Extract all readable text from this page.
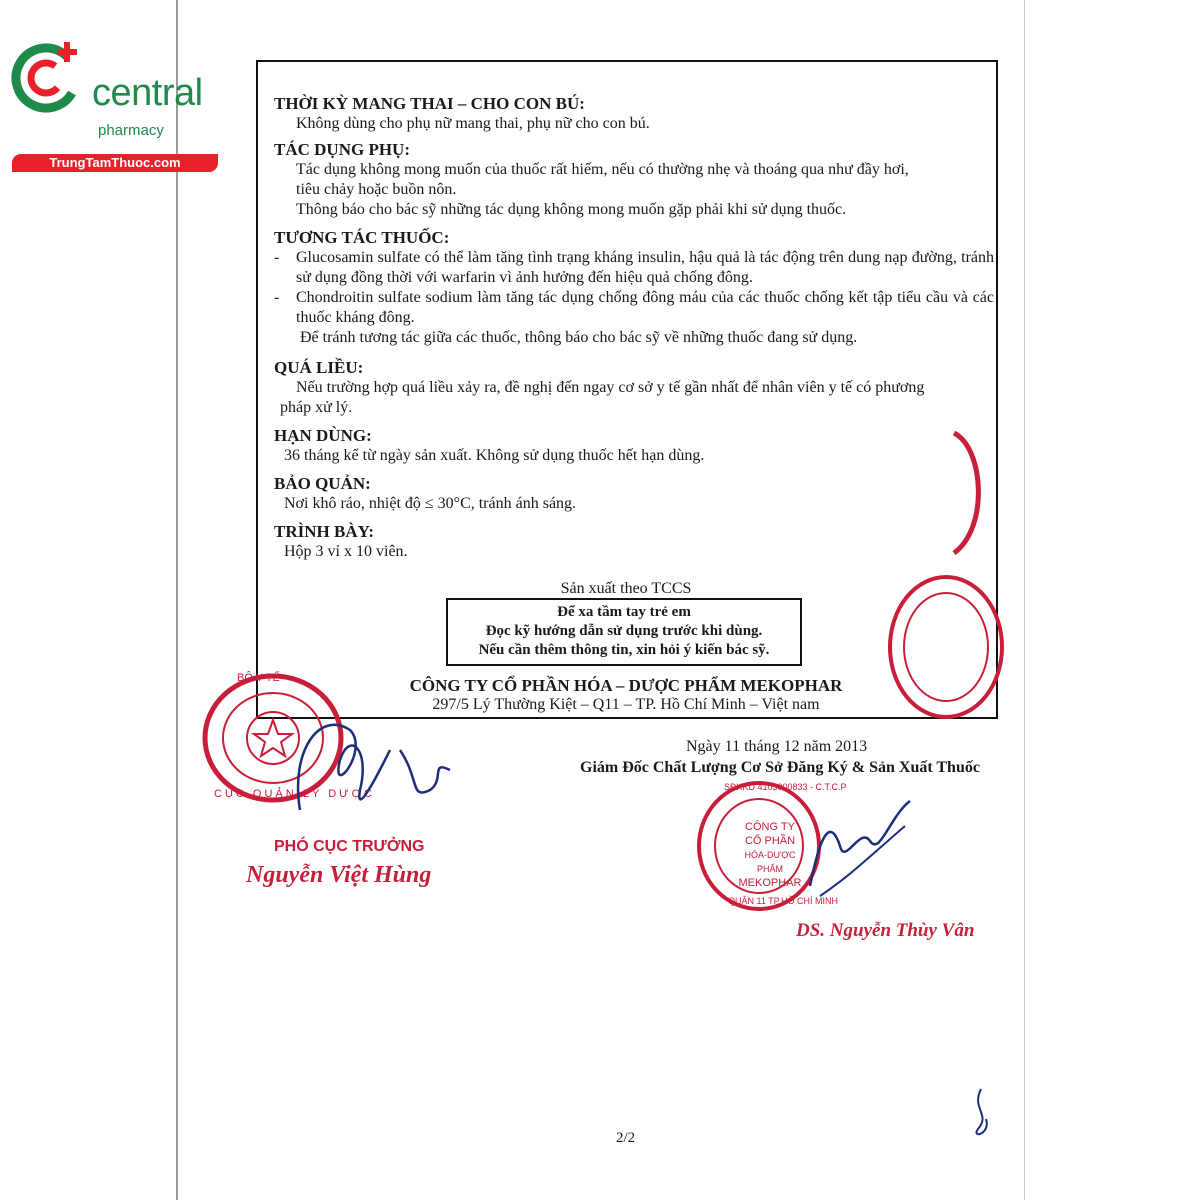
central
pharmacy
TrungTamThuoc.com
THỜI KỲ MANG THAI – CHO CON BÚ:
Không dùng cho phụ nữ mang thai, phụ nữ cho con bú.
TÁC DỤNG PHỤ:
Tác dụng không mong muốn của thuốc rất hiếm, nếu có thường nhẹ và thoáng qua như đầy hơi,
tiêu chảy hoặc buồn nôn.
Thông báo cho bác sỹ những tác dụng không mong muốn gặp phải khi sử dụng thuốc.
TƯƠNG TÁC THUỐC:
- Glucosamin sulfate có thể làm tăng tình trạng kháng insulin, hậu quả là tác động trên dung nạp đường, tránh sử dụng đồng thời với warfarin vì ảnh hưởng đến hiệu quả chống đông.
- Chondroitin sulfate sodium làm tăng tác dụng chống đông máu của các thuốc chống kết tập tiểu cầu và các thuốc kháng đông.
Để tránh tương tác giữa các thuốc, thông báo cho bác sỹ về những thuốc đang sử dụng.
QUÁ LIỀU:
Nếu trường hợp quá liều xảy ra, đề nghị đến ngay cơ sở y tế gần nhất để nhân viên y tế có phương
pháp xử lý.
HẠN DÙNG:
36 tháng kể từ ngày sản xuất. Không sử dụng thuốc hết hạn dùng.
BẢO QUẢN:
Nơi khô ráo, nhiệt độ ≤ 30°C, tránh ánh sáng.
TRÌNH BÀY:
Hộp 3 vỉ x 10 viên.
Sản xuất theo TCCS
Để xa tầm tay trẻ em
Đọc kỹ hướng dẫn sử dụng trước khi dùng.
Nếu cần thêm thông tin, xin hỏi ý kiến bác sỹ.
CÔNG TY CỔ PHẦN HÓA – DƯỢC PHẨM MEKOPHAR
297/5 Lý Thường Kiệt – Q11 – TP. Hồ Chí Minh – Việt nam
Ngày 11 tháng 12 năm 2013
Giám Đốc Chất Lượng Cơ Sở Đăng Ký & Sản Xuất Thuốc
BỘ Y TẾ
CỤC QUẢN LÝ DƯỢC
CÔNG TY
CỔ PHẦN
HÓA-DƯỢC PHẨM
MEKOPHAR
SĐKKD 4103000833 - C.T.C.P
QUẬN 11 TP.HỒ CHÍ MINH
PHÓ CỤC TRƯỞNG
Nguyễn Việt Hùng
DS. Nguyễn Thùy Vân
2/2
